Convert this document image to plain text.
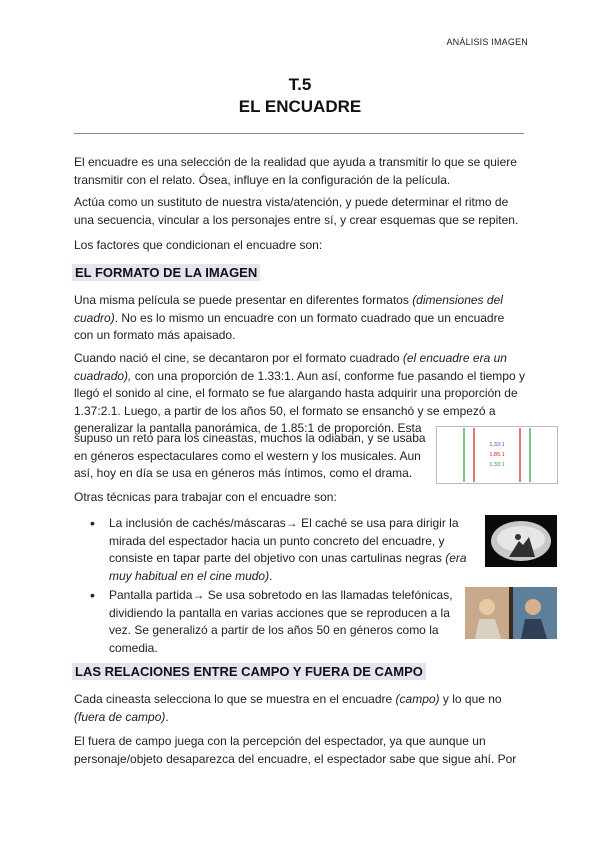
ANÁLISIS IMAGEN
T.5
EL ENCUADRE

El encuadre es una selección de la realidad que ayuda a transmitir lo que se quiere transmitir con el relato. Ósea, influye en la configuración de la película.

Actúa como un sustituto de nuestra vista/atención, y puede determinar el ritmo de una secuencia, vincular a los personajes entre sí, y crear esquemas que se repiten.

Los factores que condicionan el encuadre son:

EL FORMATO DE LA IMAGEN

Una misma película se puede presentar en diferentes formatos (dimensiones del cuadro). No es lo mismo un encuadre con un formato cuadrado que un encuadre con un formato más apaisado.

Cuando nació el cine, se decantaron por el formato cuadrado (el encuadre era un cuadrado), con una proporción de 1.33:1. Aun así, conforme fue pasando el tiempo y llegó el sonido al cine, el formato se fue alargando hasta adquirir una proporción de 1.37:2.1. Luego, a partir de los años 50, el formato se ensanchó y se empezó a generalizar la pantalla panorámica, de 1.85:1 de proporción. Esta

supuso un reto para los cineastas, muchos la odiaban, y se usaba en géneros espectaculares como el western y los musicales. Aun así, hoy en día se usa en géneros más íntimos, como el drama.

1.33:1
1.85:1
1.33:1

Otras técnicas para trabajar con el encuadre son:

• La inclusión de cachés/máscaras→ El caché se usa para dirigir la mirada del espectador hacia un punto concreto del encuadre, y consiste en tapar parte del objetivo con unas cartulinas negras (era muy habitual en el cine mudo).

• Pantalla partida→ Se usa sobretodo en las llamadas telefónicas, dividiendo la pantalla en varias acciones que se reproducen a la vez. Se generalizó a partir de los años 50 en géneros como la comedia.

LAS RELACIONES ENTRE CAMPO Y FUERA DE CAMPO

Cada cineasta selecciona lo que se muestra en el encuadre (campo) y lo que no (fuera de campo).

El fuera de campo juega con la percepción del espectador, ya que aunque un personaje/objeto desaparezca del encuadre, el espectador sabe que sigue ahí. Por
